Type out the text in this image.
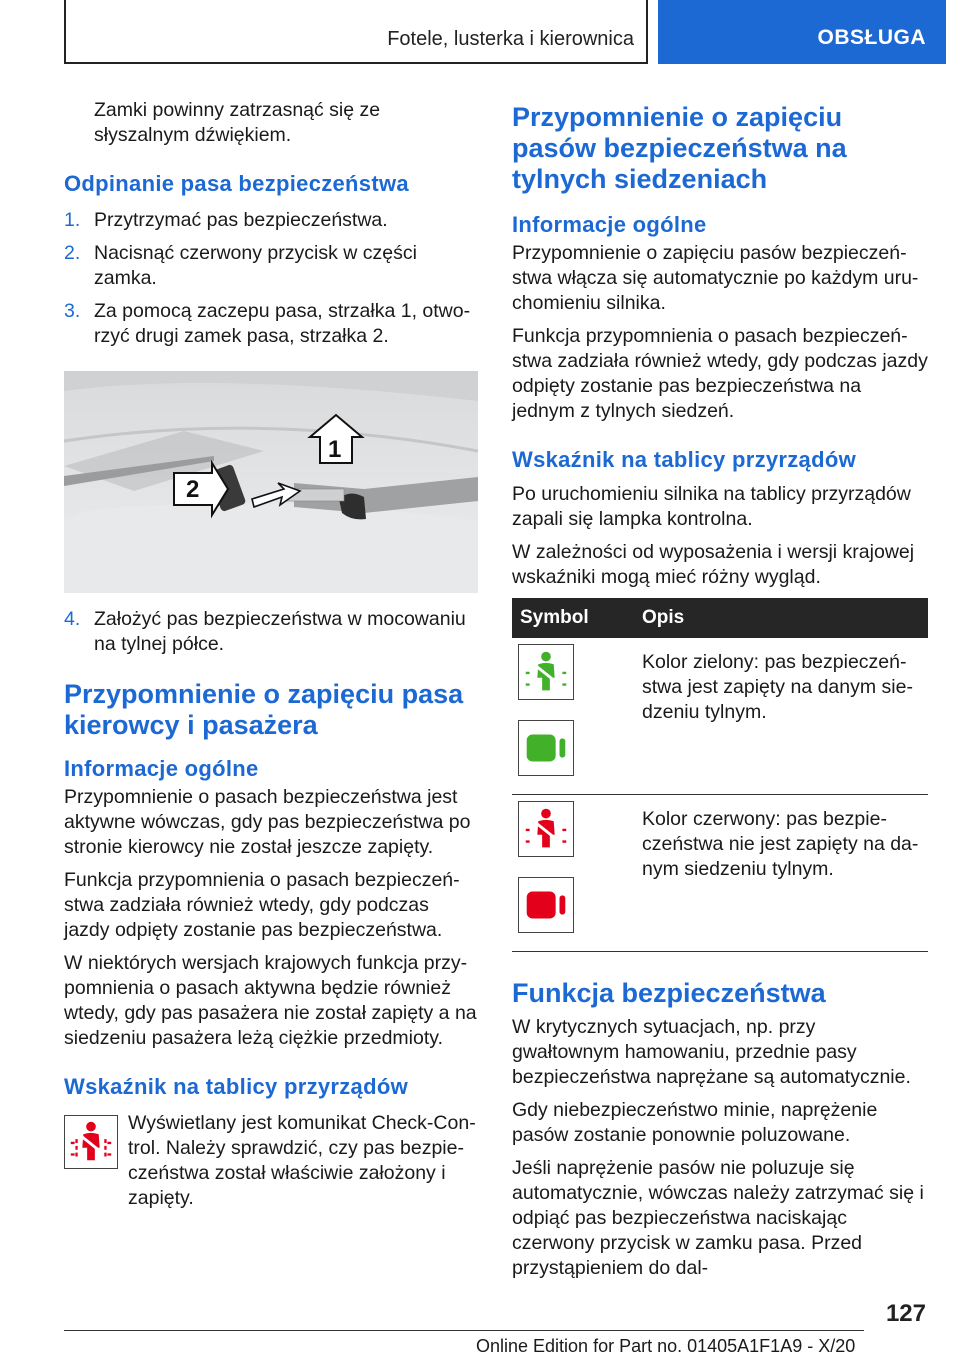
Fotele, lusterka i kierownica	OBSŁUGA

Zamki powinny zatrzasnąć się ze słyszalnym dźwiękiem.

Odpinanie pasa bezpieczeństwa
1. Przytrzymać pas bezpieczeństwa.
2. Nacisnąć czerwony przycisk w części zamka.
3. Za pomocą zaczepu pasa, strzałka 1, otworzyć drugi zamek pasa, strzałka 2.
2
1
4. Założyć pas bezpieczeństwa w mocowaniu na tylnej półce.
Przypomnienie o zapięciu pasa kierowcy i pasażera
Informacje ogólne

Przypomnienie o pasach bezpieczeństwa jest aktywne wówczas, gdy pas bezpieczeństwa po stronie kierowcy nie został jeszcze zapięty.

Funkcja przypomnienia o pasach bezpieczeństwa zadziała również wtedy, gdy podczas jazdy odpięty zostanie pas bezpieczeństwa.

W niektórych wersjach krajowych funkcja przypomnienia o pasach aktywna będzie również wtedy, gdy pas pasażera nie został zapięty a na siedzeniu pasażera leżą ciężkie przedmioty.

Wskaźnik na tablicy przyrządów

Wyświetlany jest komunikat Check-Control. Należy sprawdzić, czy pas bezpieczeństwa został właściwie założony i zapięty.

Przypomnienie o zapięciu pasów bezpieczeństwa na tylnych siedzeniach
Informacje ogólne

Przypomnienie o zapięciu pasów bezpieczeństwa włącza się automatycznie po każdym uruchomieniu silnika.

Funkcja przypomnienia o pasach bezpieczeństwa zadziała również wtedy, gdy podczas jazdy odpięty zostanie pas bezpieczeństwa na jednym z tylnych siedzeń.

Wskaźnik na tablicy przyrządów

Po uruchomieniu silnika na tablicy przyrządów zapali się lampka kontrolna.

W zależności od wyposażenia i wersji krajowej wskaźniki mogą mieć różny wygląd.

Symbol	Opis

Kolor zielony: pas bezpieczeństwa jest zapięty na danym siedzeniu tylnym.

Kolor czerwony: pas bezpieczeństwa nie jest zapięty na danym siedzeniu tylnym.

Funkcja bezpieczeństwa

W krytycznych sytuacjach, np. przy gwałtownym hamowaniu, przednie pasy bezpieczeństwa naprężane są automatycznie.

Gdy niebezpieczeństwo minie, naprężenie pasów zostanie ponownie poluzowane.

Jeśli naprężenie pasów nie poluzuje się automatycznie, wówczas należy zatrzymać się i odpiąć pas bezpieczeństwa naciskając czerwony przycisk w zamku pasa. Przed przystąpieniem do dal-

127
Online Edition for Part no. 01405A1F1A9 - X/20
